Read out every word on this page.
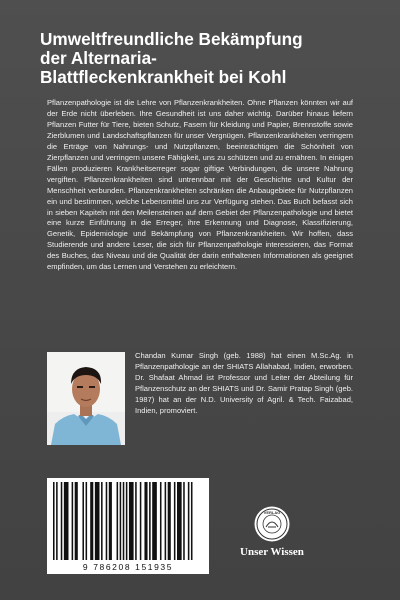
Umweltfreundliche Bekämpfung
der Alternaria-
Blattfleckenkrankheit bei Kohl

Pflanzenpathologie ist die Lehre von Pflanzenkrankheiten. Ohne Pflanzen könnten wir auf der Erde nicht überleben. Ihre Gesundheit ist uns daher wichtig. Darüber hinaus liefern Pflanzen Futter für Tiere, bieten Schutz, Fasern für Kleidung und Papier, Brennstoffe sowie Zierblumen und Landschaftspflanzen für unser Vergnügen. Pflanzenkrankheiten verringern die Erträge von Nahrungs- und Nutzpflanzen, beeinträchtigen die Schönheit von Zierpflanzen und verringern unsere Fähigkeit, uns zu schützen und zu ernähren. In einigen Fällen produzieren Krankheitserreger sogar giftige Verbindungen, die unsere Nahrung vergiften. Pflanzenkrankheiten sind untrennbar mit der Geschichte und Kultur der Menschheit verbunden. Pflanzenkrankheiten schränken die Anbaugebiete für Nutzpflanzen ein und bestimmen, welche Lebensmittel uns zur Verfügung stehen. Das Buch befasst sich in sieben Kapiteln mit den Meilensteinen auf dem Gebiet der Pflanzenpathologie und bietet eine kurze Einführung in die Erreger, ihre Erkennung und Diagnose, Klassifizierung, Genetik, Epidemiologie und Bekämpfung von Pflanzenkrankheiten. Wir hoffen, dass Studierende und andere Leser, die sich für Pflanzenpathologie interessieren, das Format des Buches, das Niveau und die Qualität der darin enthaltenen Informationen als geeignet empfinden, um das Lernen und Verstehen zu erleichtern.

Chandan Kumar Singh (geb. 1988) hat einen M.Sc.Ag. in Pflanzenpathologie an der SHIATS Allahabad, Indien, erworben. Dr. Shafaat Ahmad ist Professor und Leiter der Abteilung für Pflanzenschutz an der SHIATS und Dr. Samir Pratap Singh (geb. 1987) hat an der N.D. University of Agril. & Tech. Faizabad, Indien, promoviert.

9 786208 151935
VERLAG
Unser Wissen
